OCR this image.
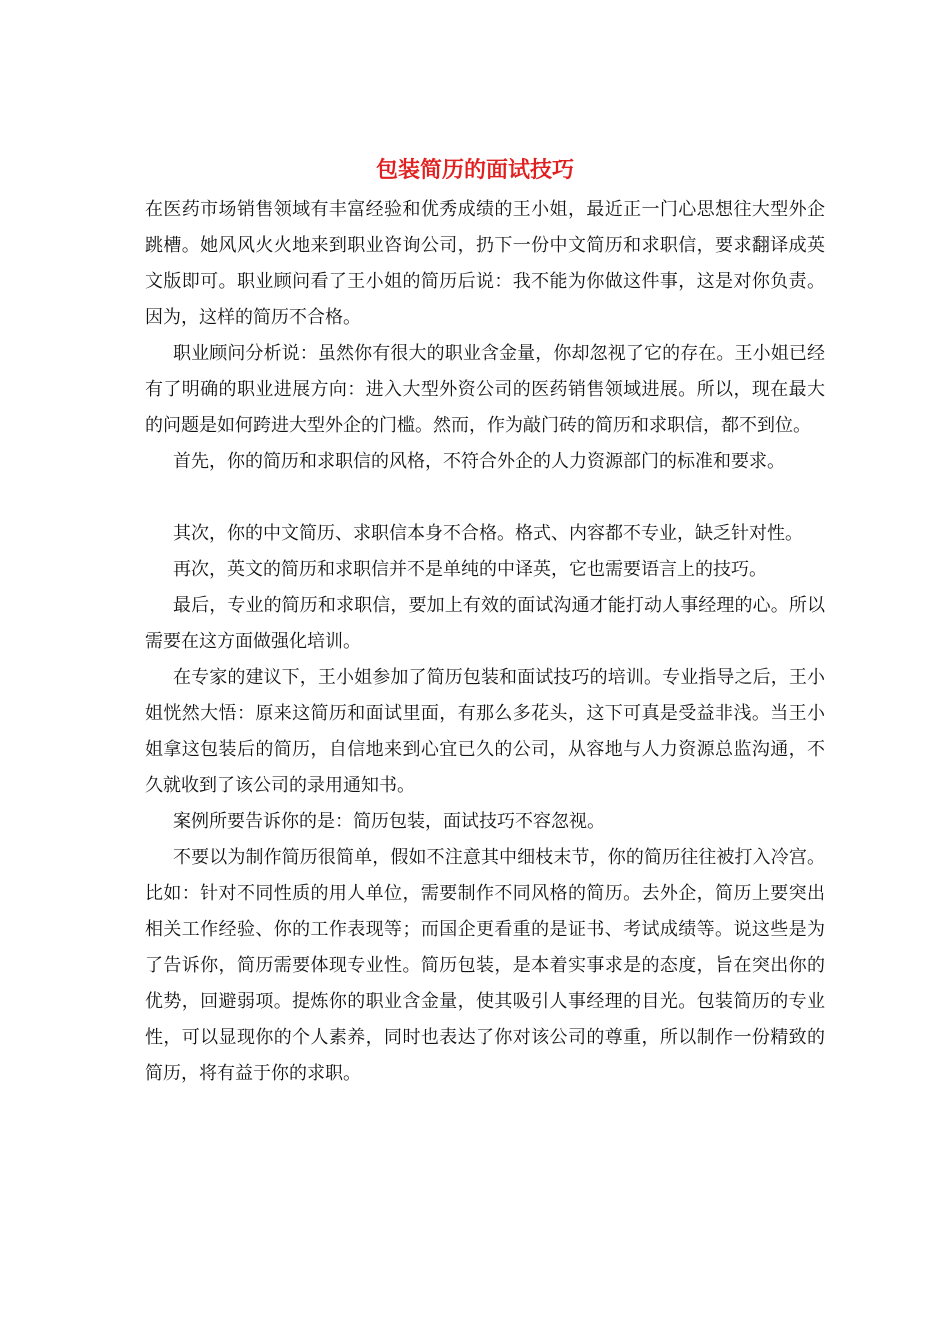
包装简历的面试技巧

在医药市场销售领域有丰富经验和优秀成绩的王小姐，最近正一门心思想往大型外企跳槽。她风风火火地来到职业咨询公司，扔下一份中文简历和求职信，要求翻译成英文版即可。职业顾问看了王小姐的简历后说：我不能为你做这件事，这是对你负责。因为，这样的简历不合格。

职业顾问分析说：虽然你有很大的职业含金量，你却忽视了它的存在。王小姐已经有了明确的职业进展方向：进入大型外资公司的医药销售领域进展。所以，现在最大的问题是如何跨进大型外企的门槛。然而，作为敲门砖的简历和求职信，都不到位。

首先，你的简历和求职信的风格，不符合外企的人力资源部门的标准和要求。

其次，你的中文简历、求职信本身不合格。格式、内容都不专业，缺乏针对性。

再次，英文的简历和求职信并不是单纯的中译英，它也需要语言上的技巧。

最后，专业的简历和求职信，要加上有效的面试沟通才能打动人事经理的心。所以需要在这方面做强化培训。

在专家的建议下，王小姐参加了简历包装和面试技巧的培训。专业指导之后，王小姐恍然大悟：原来这简历和面试里面，有那么多花头，这下可真是受益非浅。当王小姐拿这包装后的简历，自信地来到心宜已久的公司，从容地与人力资源总监沟通，不久就收到了该公司的录用通知书。

案例所要告诉你的是：简历包装，面试技巧不容忽视。

不要以为制作简历很简单，假如不注意其中细枝末节，你的简历往往被打入冷宫。比如：针对不同性质的用人单位，需要制作不同风格的简历。去外企，简历上要突出相关工作经验、你的工作表现等；而国企更看重的是证书、考试成绩等。说这些是为了告诉你，简历需要体现专业性。简历包装，是本着实事求是的态度，旨在突出你的优势，回避弱项。提炼你的职业含金量，使其吸引人事经理的目光。包装简历的专业性，可以显现你的个人素养，同时也表达了你对该公司的尊重，所以制作一份精致的简历，将有益于你的求职。
